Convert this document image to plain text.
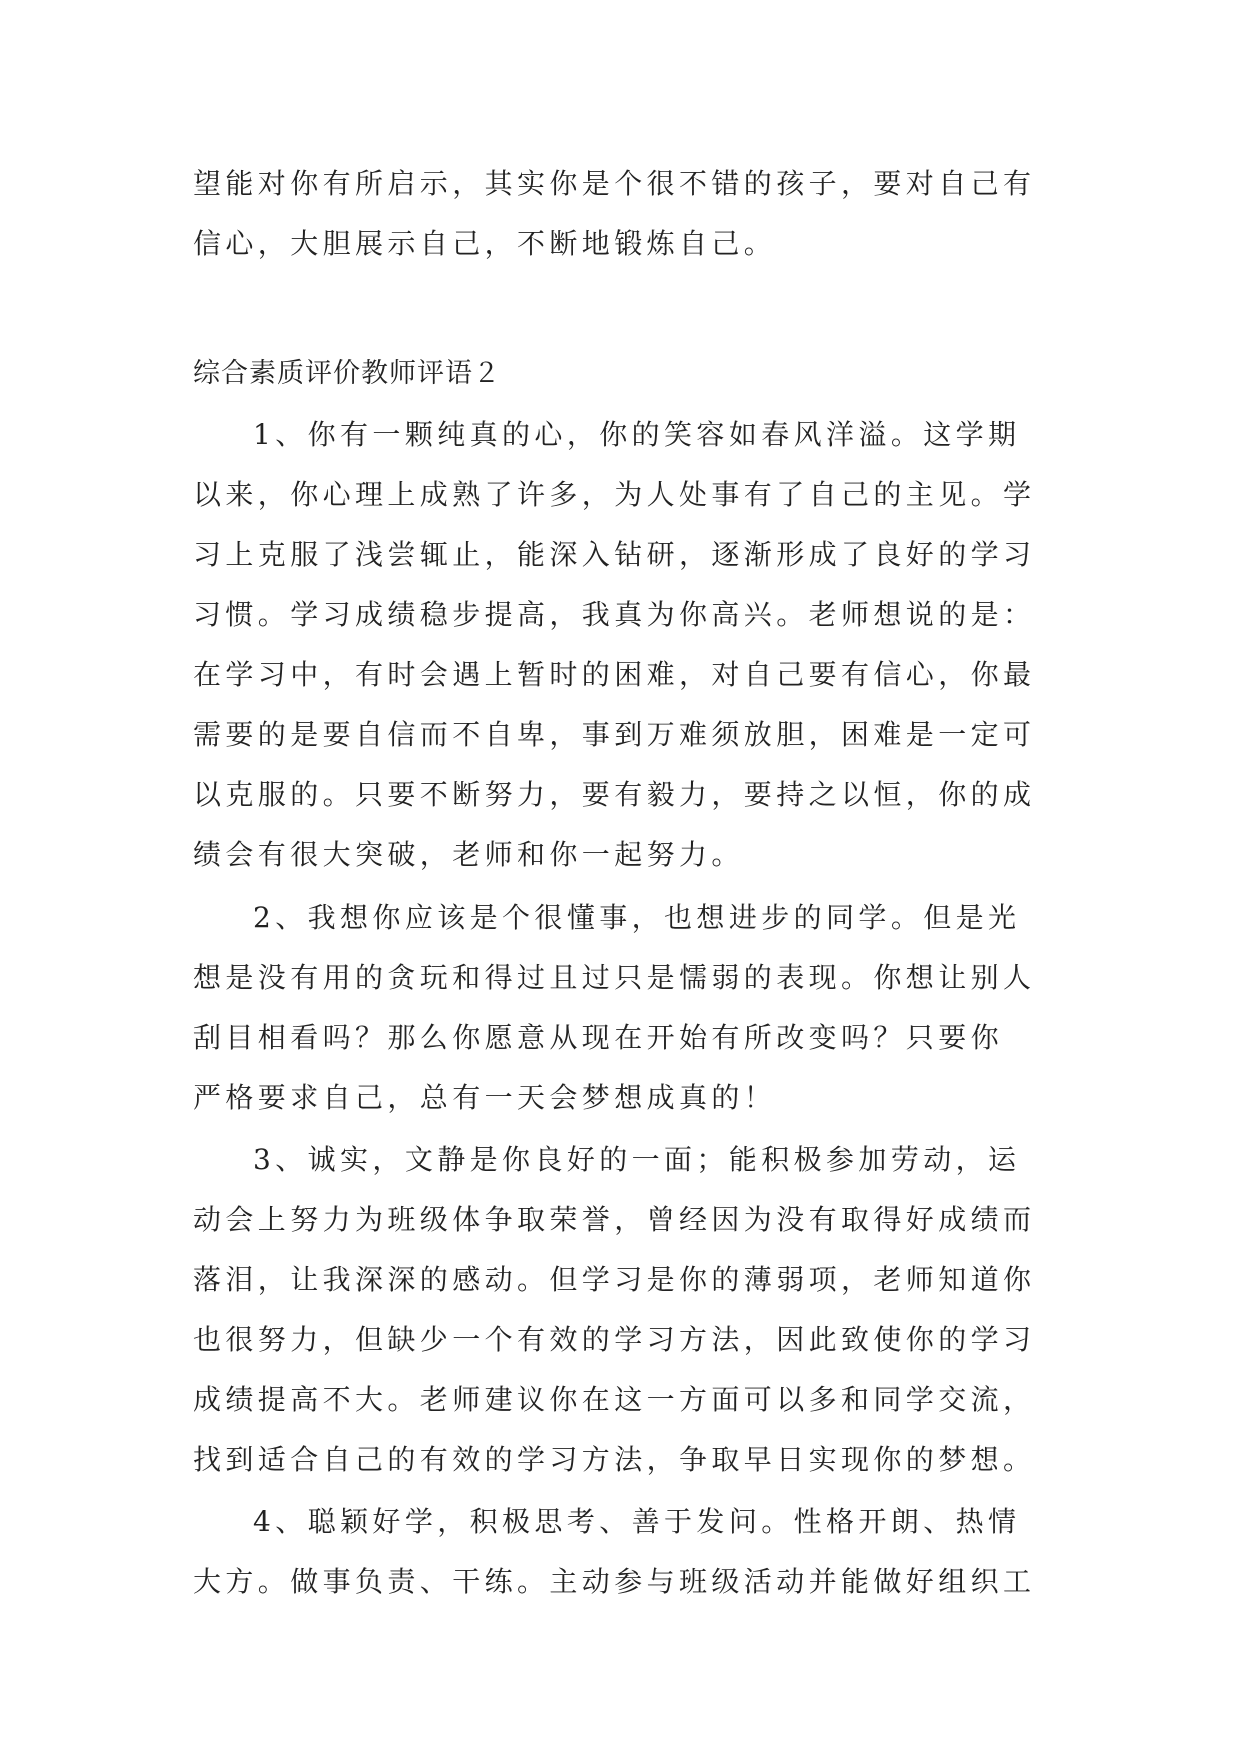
望能对你有所启示，其实你是个很不错的孩子，要对自己有
信心，大胆展示自己，不断地锻炼自己。
综合素质评价教师评语２
1、你有一颗纯真的心，你的笑容如春风洋溢。这学期
以来，你心理上成熟了许多，为人处事有了自己的主见。学
习上克服了浅尝辄止，能深入钻研，逐渐形成了良好的学习
习惯。学习成绩稳步提高，我真为你高兴。老师想说的是：
在学习中，有时会遇上暂时的困难，对自己要有信心，你最
需要的是要自信而不自卑，事到万难须放胆，困难是一定可
以克服的。只要不断努力，要有毅力，要持之以恒，你的成
绩会有很大突破，老师和你一起努力。
2、我想你应该是个很懂事，也想进步的同学。但是光
想是没有用的贪玩和得过且过只是懦弱的表现。你想让别人
刮目相看吗？那么你愿意从现在开始有所改变吗？只要你
严格要求自己，总有一天会梦想成真的！
3、诚实，文静是你良好的一面；能积极参加劳动，运
动会上努力为班级体争取荣誉，曾经因为没有取得好成绩而
落泪，让我深深的感动。但学习是你的薄弱项，老师知道你
也很努力，但缺少一个有效的学习方法，因此致使你的学习
成绩提高不大。老师建议你在这一方面可以多和同学交流，
找到适合自己的有效的学习方法，争取早日实现你的梦想。
4、聪颖好学，积极思考、善于发问。性格开朗、热情
大方。做事负责、干练。主动参与班级活动并能做好组织工
